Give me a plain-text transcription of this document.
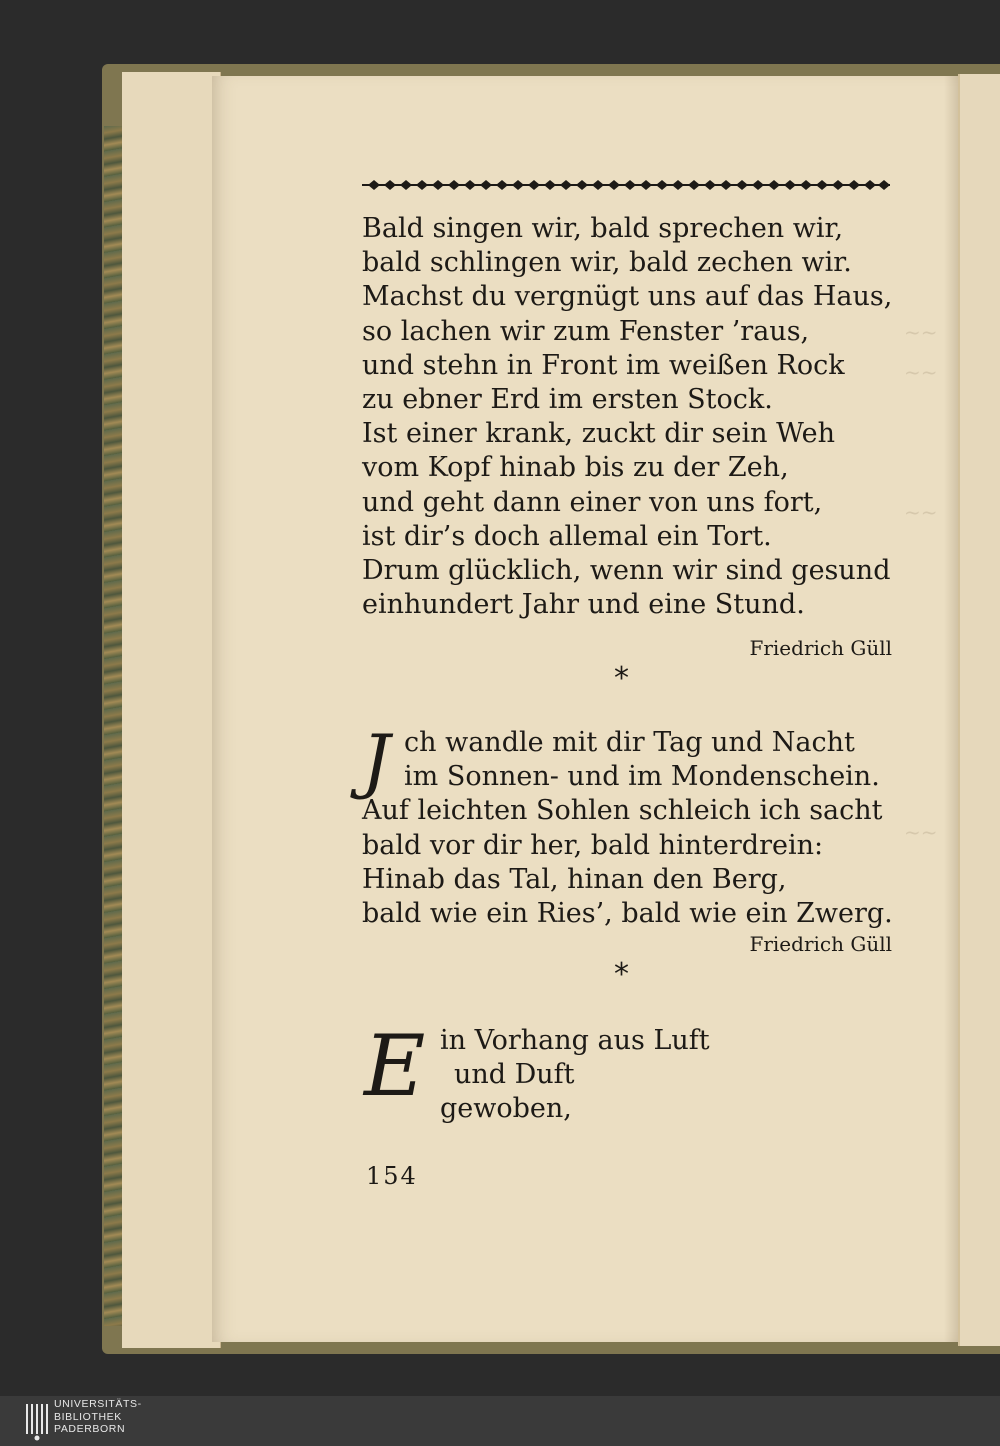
~~
~~
~~
~~
Bald singen wir, bald sprechen wir,
bald schlingen wir, bald zechen wir.
Machst du vergnügt uns auf das Haus,
so lachen wir zum Fenster ’raus,
und stehn in Front im weißen Rock
zu ebner Erd im ersten Stock.
Ist einer krank, zuckt dir sein Weh
vom Kopf hinab bis zu der Zeh,
und geht dann einer von uns fort,
ist dir’s doch allemal ein Tort.
Drum glücklich, wenn wir sind gesund
einhundert Jahr und eine Stund.
Friedrich Güll
*
J ch wandle mit dir Tag und Nacht
im Sonnen- und im Mondenschein.
Auf leichten Sohlen schleich ich sacht
bald vor dir her, bald hinterdrein:
Hinab das Tal, hinan den Berg,
bald wie ein Ries’, bald wie ein Zwerg.
Friedrich Güll
*
E in Vorhang aus Luft
und Duft
gewoben,
154
UNIVERSITÄTS-
BIBLIOTHEK
PADERBORN
